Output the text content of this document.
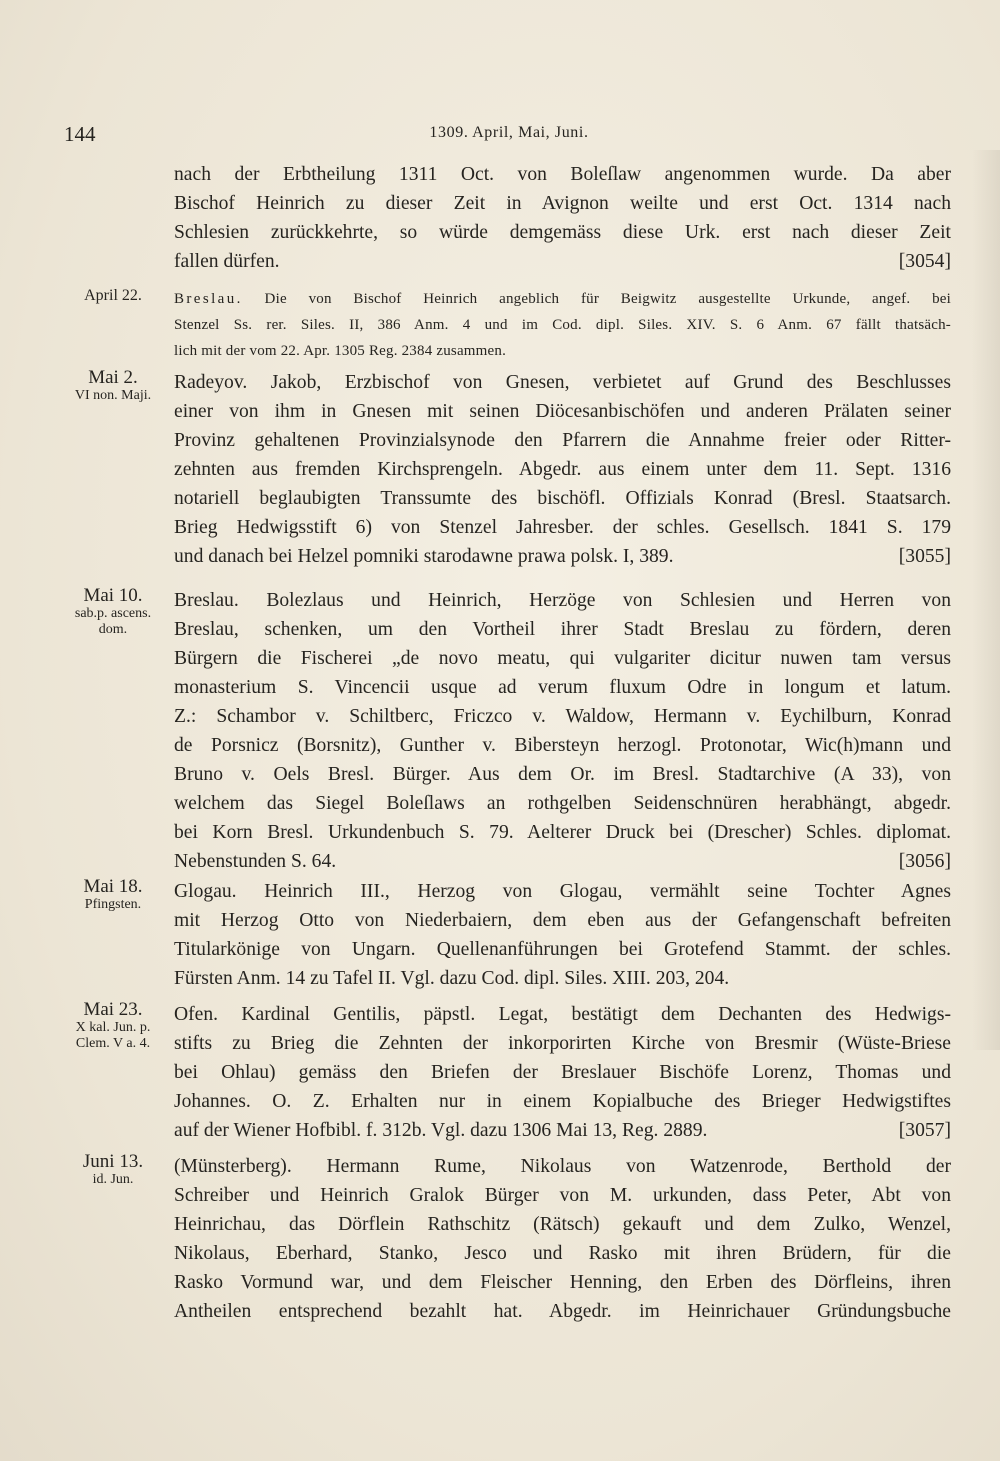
144	1309. April, Mai, Juni.
nach der Erbtheilung 1311 Oct. von Boleſlaw angenommen wurde. Da aber
Bischof Heinrich zu dieser Zeit in Avignon weilte und erst Oct. 1314 nach
Schlesien zurückkehrte, so würde demgemäss diese Urk. erst nach dieser Zeit
fallen dürfen.	[3054]
April 22.	Breslau. Die von Bischof Heinrich angeblich für Beigwitz ausgestellte Urkunde, angef. bei
Stenzel Ss. rer. Siles. II, 386 Anm. 4 und im Cod. dipl. Siles. XIV. S. 6 Anm. 67 fällt thatsäch-
lich mit der vom 22. Apr. 1305 Reg. 2384 zusammen.
Mai 2.
VI non. Maji.
Radeyov. Jakob, Erzbischof von Gnesen, verbietet auf Grund des Beschlusses
einer von ihm in Gnesen mit seinen Diöcesanbischöfen und anderen Prälaten seiner
Provinz gehaltenen Provinzialsynode den Pfarrern die Annahme freier oder Ritter-
zehnten aus fremden Kirchsprengeln. Abgedr. aus einem unter dem 11. Sept. 1316
notariell beglaubigten Transsumte des bischöfl. Offizials Konrad (Bresl. Staatsarch.
Brieg Hedwigsstift 6) von Stenzel Jahresber. der schles. Gesellsch. 1841 S. 179
und danach bei Helzel pomniki starodawne prawa polsk. I, 389.	[3055]
Mai 10.
sab.p. ascens. dom.
Breslau. Bolezlaus und Heinrich, Herzöge von Schlesien und Herren von
Breslau, schenken, um den Vortheil ihrer Stadt Breslau zu fördern, deren
Bürgern die Fischerei „de novo meatu, qui vulgariter dicitur nuwen tam versus
monasterium S. Vincencii usque ad verum fluxum Odre in longum et latum.
Z.: Schambor v. Schiltberc, Friczco v. Waldow, Hermann v. Eychilburn, Konrad
de Porsnicz (Borsnitz), Gunther v. Bibersteyn herzogl. Protonotar, Wic(h)mann und
Bruno v. Oels Bresl. Bürger. Aus dem Or. im Bresl. Stadtarchive (A 33), von
welchem das Siegel Boleſlaws an rothgelben Seidenschnüren herabhängt, abgedr.
bei Korn Bresl. Urkundenbuch S. 79. Aelterer Druck bei (Drescher) Schles. diplomat.
Nebenstunden S. 64.	[3056]
Mai 18.
Pfingsten.
Glogau. Heinrich III., Herzog von Glogau, vermählt seine Tochter Agnes
mit Herzog Otto von Niederbaiern, dem eben aus der Gefangenschaft befreiten
Titularkönige von Ungarn. Quellenanführungen bei Grotefend Stammt. der schles.
Fürsten Anm. 14 zu Tafel II. Vgl. dazu Cod. dipl. Siles. XIII. 203, 204.
Mai 23.
X kal. Jun. p. Clem. V a. 4.
Ofen. Kardinal Gentilis, päpstl. Legat, bestätigt dem Dechanten des Hedwigs-
stifts zu Brieg die Zehnten der inkorporirten Kirche von Bresmir (Wüste-Briese
bei Ohlau) gemäss den Briefen der Breslauer Bischöfe Lorenz, Thomas und
Johannes. O. Z. Erhalten nur in einem Kopialbuche des Brieger Hedwigstiftes
auf der Wiener Hofbibl. f. 312b. Vgl. dazu 1306 Mai 13, Reg. 2889.	[3057]
Juni 13.
id. Jun.
(Münsterberg). Hermann Rume, Nikolaus von Watzenrode, Berthold der
Schreiber und Heinrich Gralok Bürger von M. urkunden, dass Peter, Abt von
Heinrichau, das Dörflein Rathschitz (Rätsch) gekauft und dem Zulko, Wenzel,
Nikolaus, Eberhard, Stanko, Jesco und Rasko mit ihren Brüdern, für die
Rasko Vormund war, und dem Fleischer Henning, den Erben des Dörfleins, ihren
Antheilen entsprechend bezahlt hat. Abgedr. im Heinrichauer Gründungsbuche
